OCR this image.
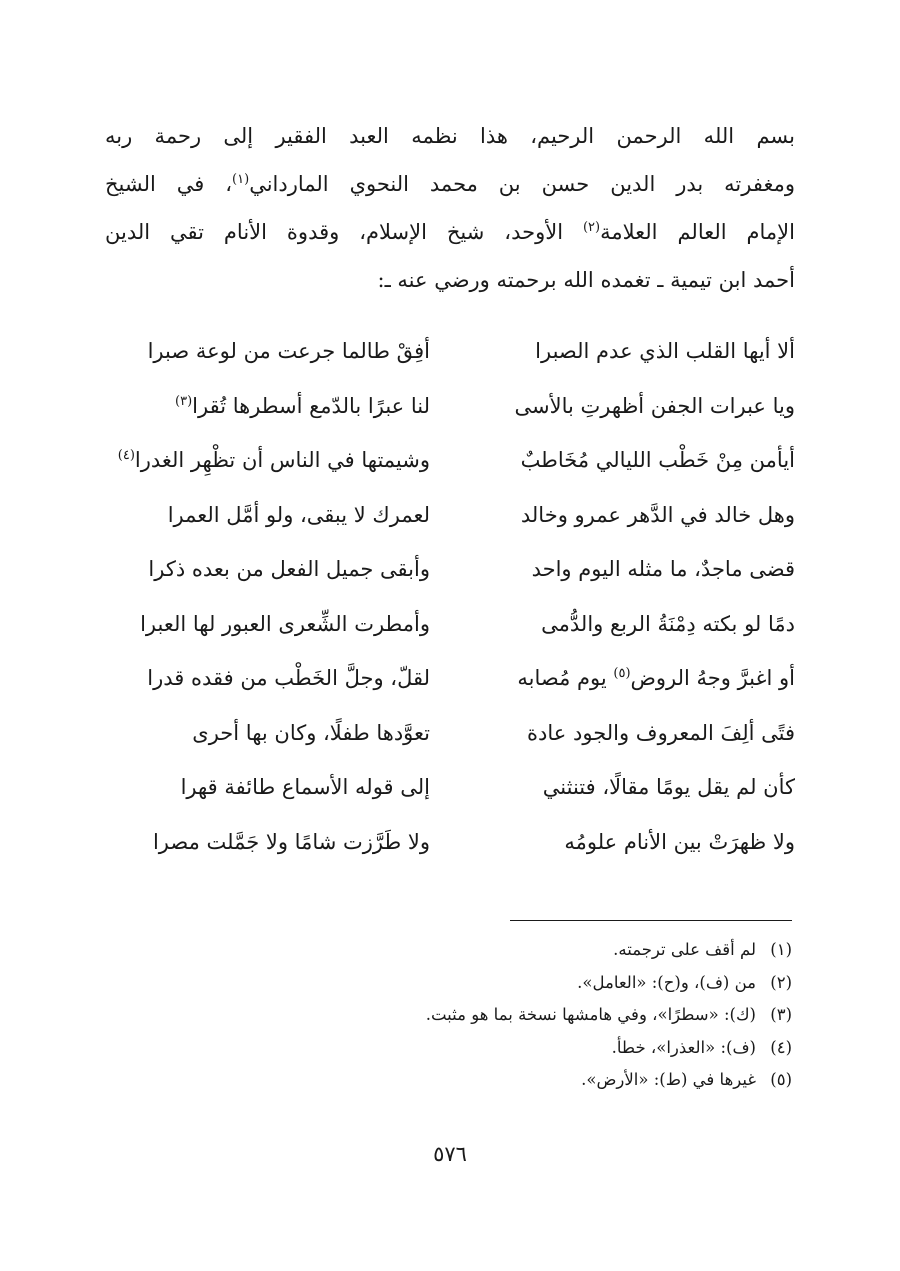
بسم الله الرحمن الرحيم، هذا نظمه العبد الفقير إلى رحمة ربه
ومغفرته بدر الدين حسن بن محمد النحوي المارداني$^{(١)}$، في الشيخ
الإمام العالم العلامة$^{(٢)}$ الأوحد، شيخ الإسلام، وقدوة الأنام تقي الدين
أحمد ابن تيمية ـ تغمده الله برحمته ورضي عنه ـ:
ألا أيها القلب الذي عدم الصبرا
أفِقْ طالما جرعت من لوعة صبرا
ويا عبرات الجفن أظهرتِ بالأسى
لنا عبرًا بالدّمع أسطرها تُقرا$^{(٣)}$
أيأمن مِنْ خَطْب الليالي مُخَاطبٌ
وشيمتها في الناس أن تظْهِر الغدرا$^{(٤)}$
وهل خالد في الدَّهر عمرو وخالد
لعمرك لا يبقى، ولو أمَّل العمرا
قضى ماجدٌ، ما مثله اليوم واحد
وأبقى جميل الفعل من بعده ذكرا
دمًا لو بكته دِمْنَةُ الربع والدُّمى
وأمطرت الشِّعرى العبور لها العبرا
أو اغبرَّ وجهُ الروض$^{(٥)}$ يوم مُصابه
لقلّ، وجلَّ الخَطْب من فقده قدرا
فتًى ألِفَ المعروف والجود عادة
تعوَّدها طفلًا، وكان بها أحرى
كأن لم يقل يومًا مقالًا، فتنثني
إلى قوله الأسماع طائفة قهرا
ولا ظهرَتْ بين الأنام علومُه
ولا طَرَّزت شامًا ولا جَمَّلت مصرا
(١)
لم أقف على ترجمته.
(٢)
من (ف)، و(ح): «العامل».
(٣)
(ك): «سطرًا»، وفي هامشها نسخة بما هو مثبت.
(٤)
(ف): «العذرا»، خطأ.
(٥)
غيرها في (ط): «الأرض».
٥٧٦
